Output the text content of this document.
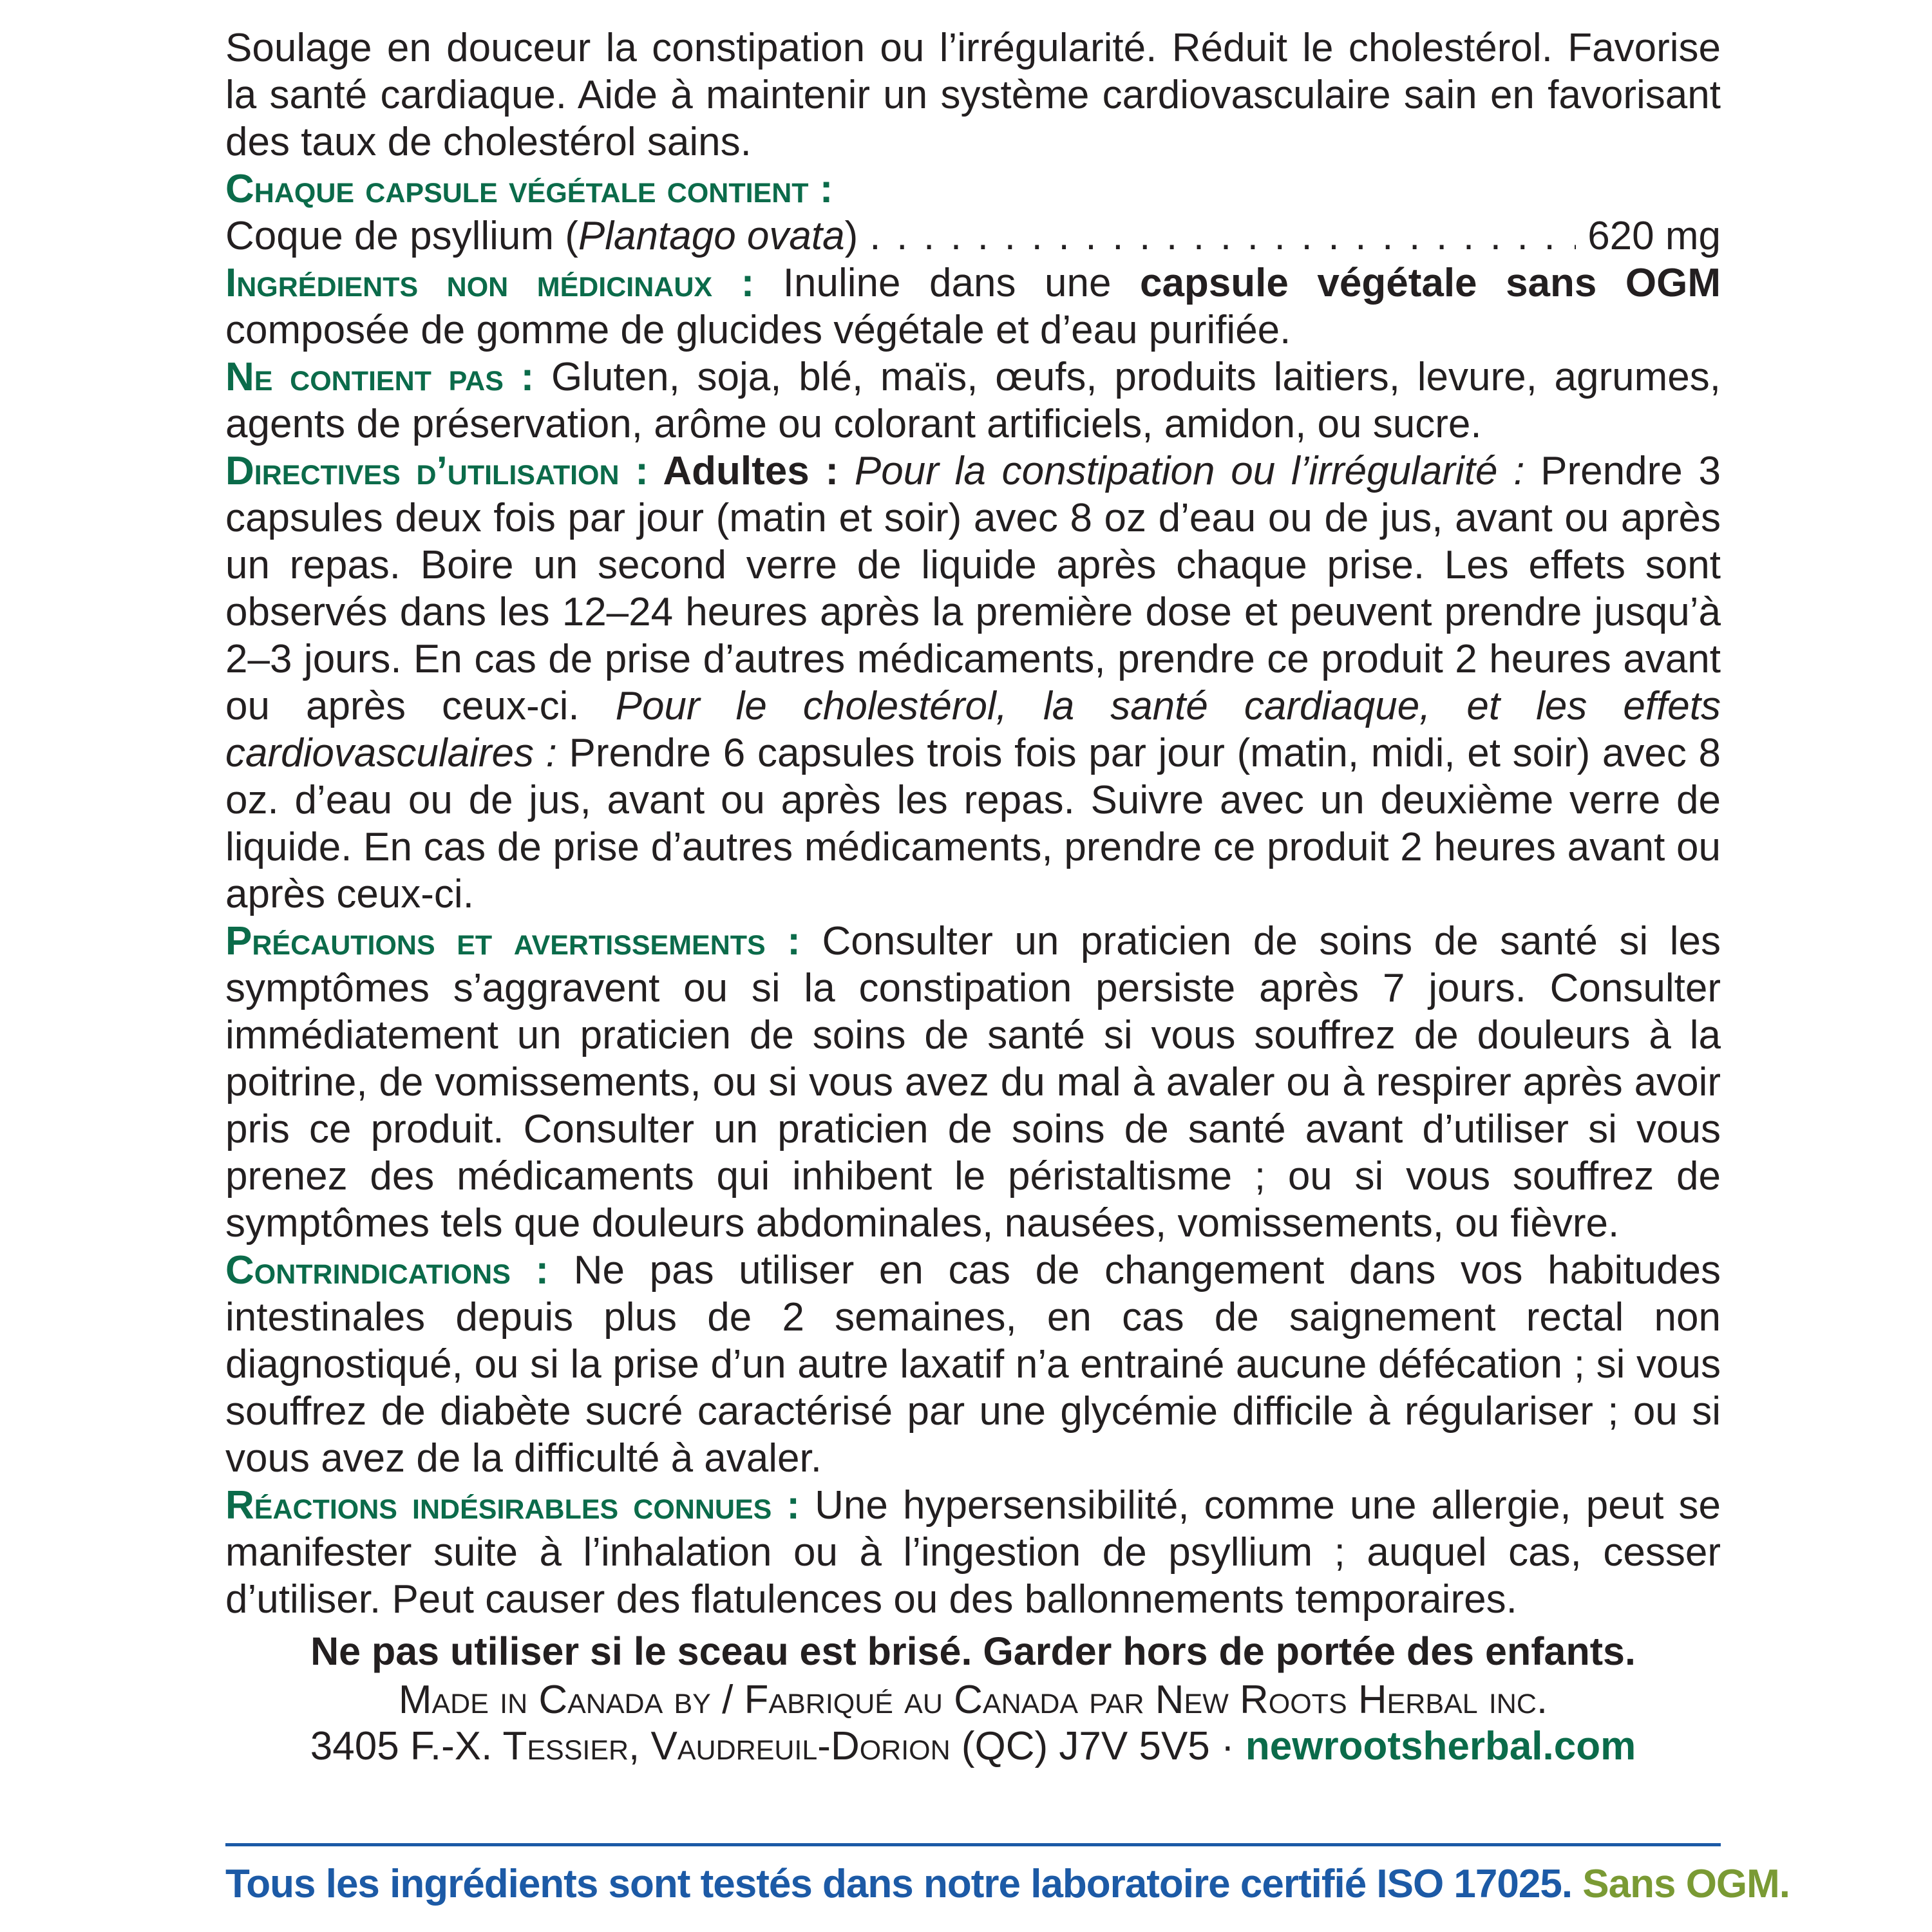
Soulage en douceur la constipation ou l’irrégularité. Réduit le cholestérol. Favorise la santé cardiaque. Aide à maintenir un système cardiovasculaire sain en favorisant des taux de cholestérol sains.

Chaque capsule végétale contient :

Coque de psyllium (Plantago ovata)
. . .	620 mg

Ingrédients non médicinaux : Inuline dans une capsule végétale sans OGM composée de gomme de glucides végétale et d’eau purifiée.

Ne contient pas : Gluten, soja, blé, maïs, œufs, produits laitiers, levure, agrumes, agents de préservation, arôme ou colorant artificiels, amidon, ou sucre.

Directives d’utilisation : Adultes : Pour la constipation ou l’irrégularité : Prendre 3 capsules deux fois par jour (matin et soir) avec 8 oz d’eau ou de jus, avant ou après un repas. Boire un second verre de liquide après chaque prise. Les effets sont observés dans les 12–24 heures après la première dose et peuvent prendre jusqu’à 2–3 jours. En cas de prise d’autres médicaments, prendre ce produit 2 heures avant ou après ceux-ci. Pour le cholestérol, la santé cardiaque, et les effets cardiovasculaires : Prendre 6 capsules trois fois par jour (matin, midi, et soir) avec 8 oz. d’eau ou de jus, avant ou après les repas. Suivre avec un deuxième verre de liquide. En cas de prise d’autres médicaments, prendre ce produit 2 heures avant ou après ceux-ci.

Précautions et avertissements : Consulter un praticien de soins de santé si les symptômes s’aggravent ou si la constipation persiste après 7 jours. Consulter immédiatement un praticien de soins de santé si vous souffrez de douleurs à la poitrine, de vomissements, ou si vous avez du mal à avaler ou à respirer après avoir pris ce produit. Consulter un praticien de soins de santé avant d’utiliser si vous prenez des médicaments qui inhibent le péristaltisme ; ou si vous souffrez de symptômes tels que douleurs abdominales, nausées, vomissements, ou fièvre.

Contrindications : Ne pas utiliser en cas de changement dans vos habitudes intestinales depuis plus de 2 semaines, en cas de saignement rectal non diagnostiqué, ou si la prise d’un autre laxatif n’a entrainé aucune défécation ; si vous souffrez de diabète sucré caractérisé par une glycémie difficile à régulariser ; ou si vous avez de la difficulté à avaler.

Réactions indésirables connues : Une hypersensibilité, comme une allergie, peut se manifester suite à l’inhalation ou à l’ingestion de psyllium ; auquel cas, cesser d’utiliser. Peut causer des flatulences ou des ballonnements temporaires.

Ne pas utiliser si le sceau est brisé. Garder hors de portée des enfants.

Made in Canada by / Fabriqué au Canada par New Roots Herbal inc.

3405 F.-X. Tessier, Vaudreuil-Dorion (QC) J7V 5V5 · newrootsherbal.com

Tous les ingrédients sont testés dans notre laboratoire certifié ISO 17025. Sans OGM.
